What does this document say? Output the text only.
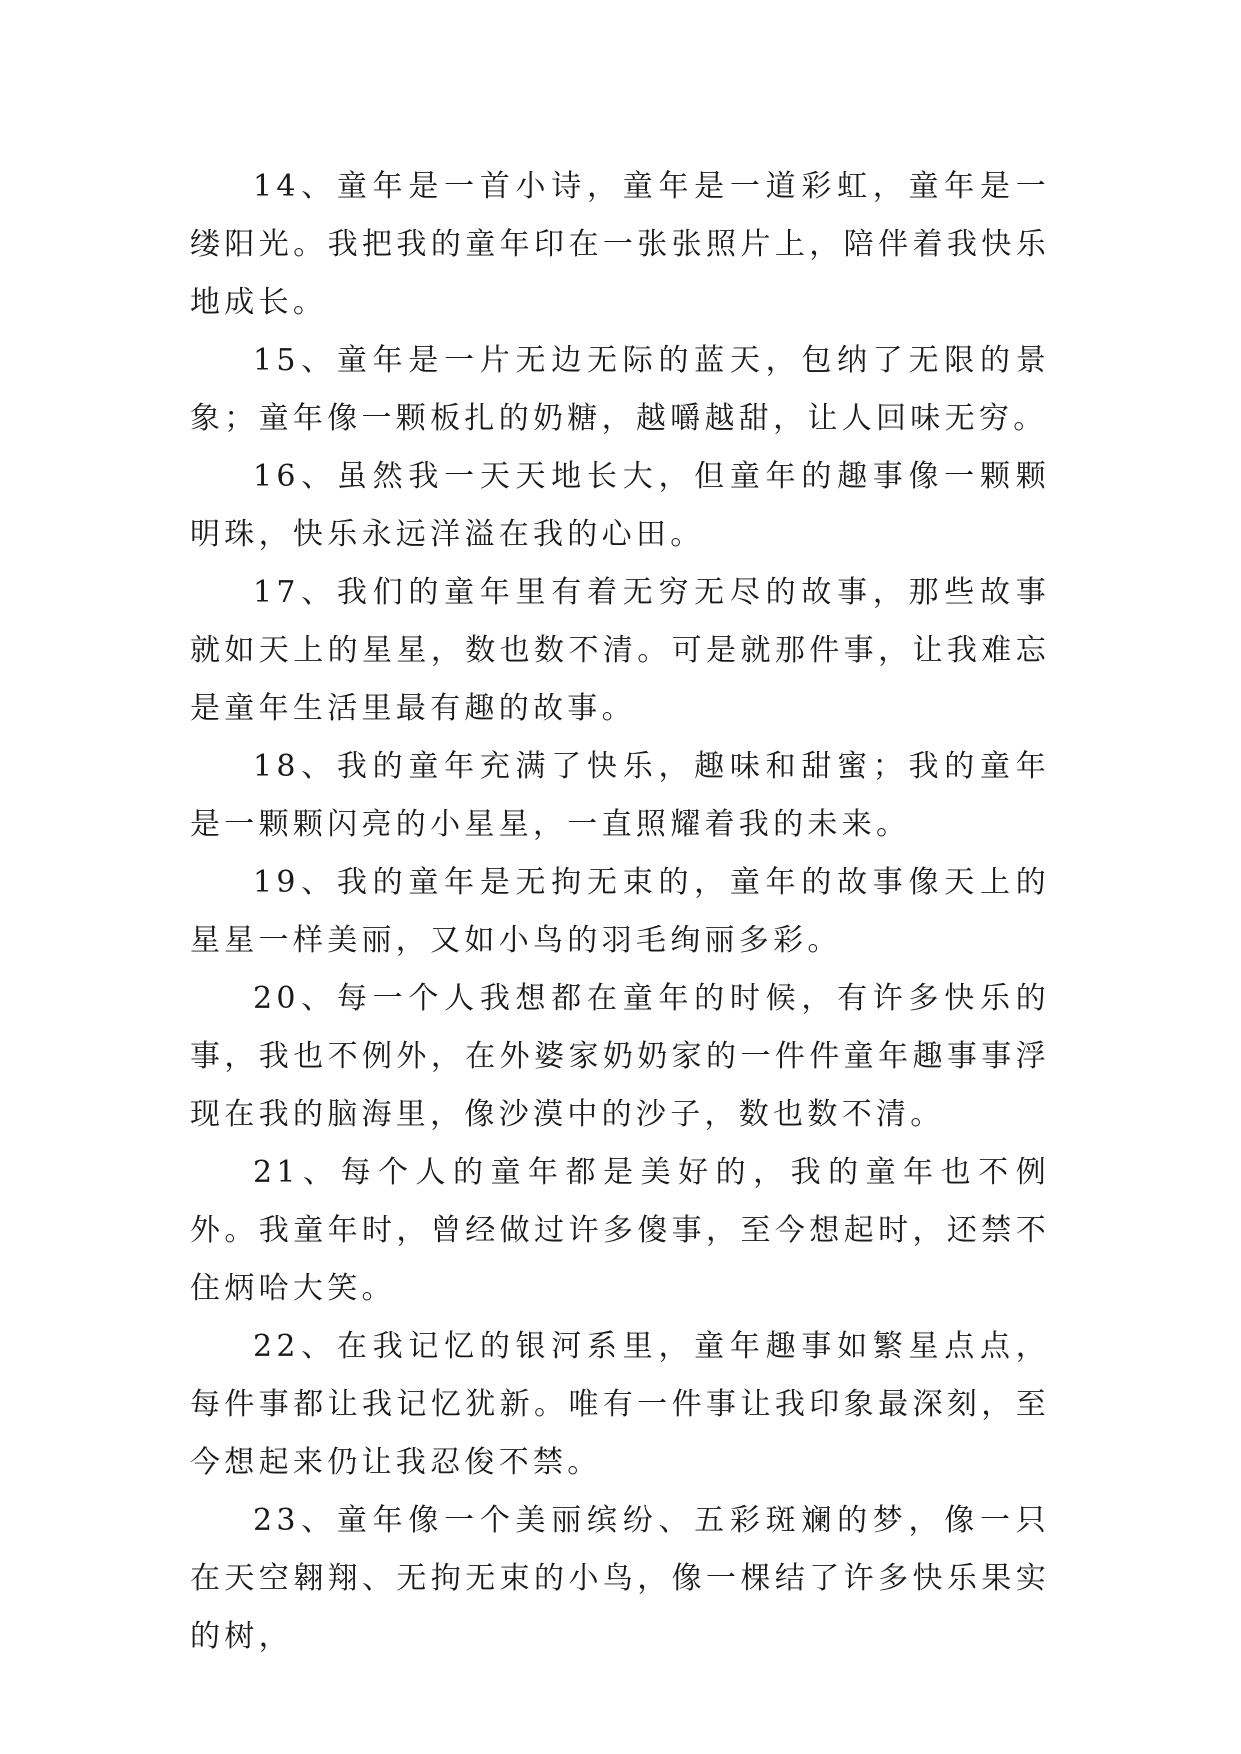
14、童年是一首小诗，童年是一道彩虹，童年是一缕阳光。我把我的童年印在一张张照片上，陪伴着我快乐地成长。

15、童年是一片无边无际的蓝天，包纳了无限的景象；童年像一颗板扎的奶糖，越嚼越甜，让人回味无穷。

16、虽然我一天天地长大，但童年的趣事像一颗颗明珠，快乐永远洋溢在我的心田。

17、我们的童年里有着无穷无尽的故事，那些故事就如天上的星星，数也数不清。可是就那件事，让我难忘是童年生活里最有趣的故事。

18、我的童年充满了快乐，趣味和甜蜜；我的童年是一颗颗闪亮的小星星，一直照耀着我的未来。

19、我的童年是无拘无束的，童年的故事像天上的星星一样美丽，又如小鸟的羽毛绚丽多彩。

20、每一个人我想都在童年的时候，有许多快乐的事，我也不例外，在外婆家奶奶家的一件件童年趣事事浮现在我的脑海里，像沙漠中的沙子，数也数不清。

21、每个人的童年都是美好的，我的童年也不例外。我童年时，曾经做过许多傻事，至今想起时，还禁不住炳哈大笑。

22、在我记忆的银河系里，童年趣事如繁星点点，每件事都让我记忆犹新。唯有一件事让我印象最深刻，至今想起来仍让我忍俊不禁。

23、童年像一个美丽缤纷、五彩斑斓的梦，像一只在天空翱翔、无拘无束的小鸟，像一棵结了许多快乐果实的树，
